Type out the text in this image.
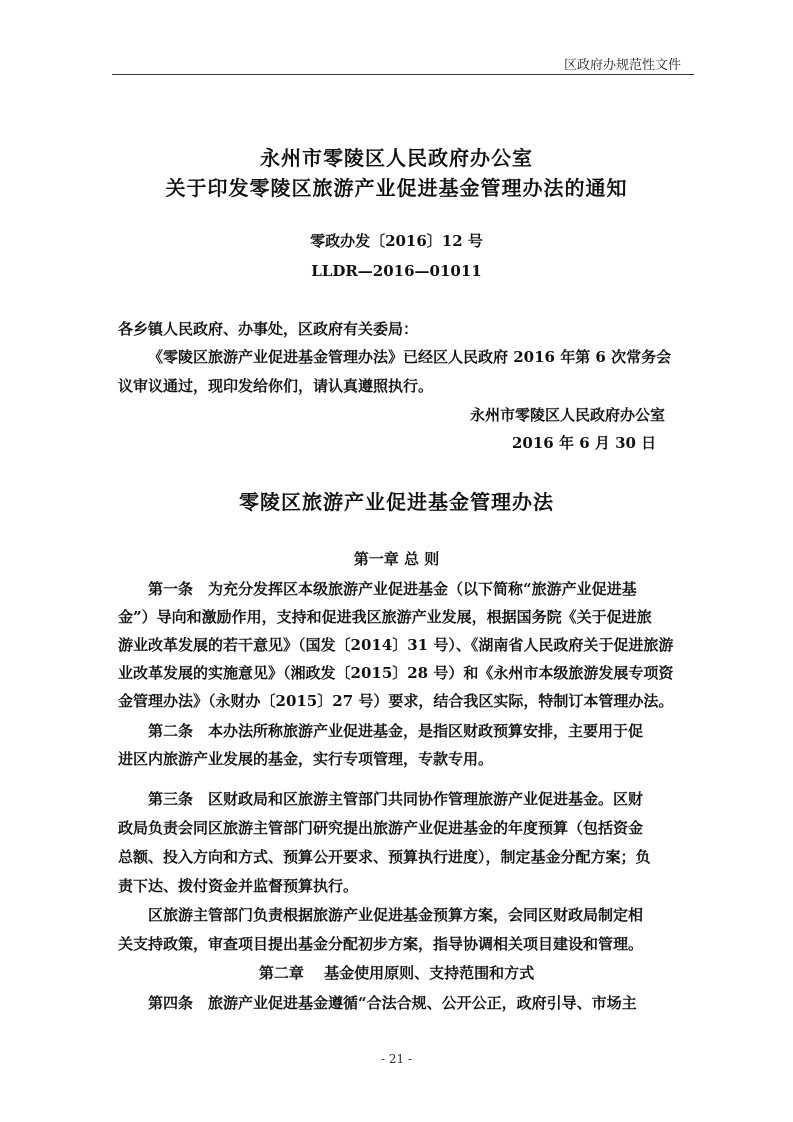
区政府办规范性文件
永州市零陵区人民政府办公室
关于印发零陵区旅游产业促进基金管理办法的通知
零政办发〔2016〕12 号
LLDR—2016—01011
各乡镇人民政府、办事处，区政府有关委局：
《零陵区旅游产业促进基金管理办法》已经区人民政府 2016 年第 6 次常务会
议审议通过，现印发给你们，请认真遵照执行。
永州市零陵区人民政府办公室
2016 年 6 月 30 日
零陵区旅游产业促进基金管理办法
第一章 总 则
第一条　为充分发挥区本级旅游产业促进基金（以下简称“旅游产业促进基
金”）导向和激励作用，支持和促进我区旅游产业发展，根据国务院《关于促进旅
游业改革发展的若干意见》（国发〔2014〕31 号）、《湖南省人民政府关于促进旅游
业改革发展的实施意见》（湘政发〔2015〕28 号）和《永州市本级旅游发展专项资
金管理办法》（永财办〔2015〕27 号）要求，结合我区实际，特制订本管理办法。
第二条　本办法所称旅游产业促进基金，是指区财政预算安排，主要用于促
进区内旅游产业发展的基金，实行专项管理，专款专用。
第三条　区财政局和区旅游主管部门共同协作管理旅游产业促进基金。区财
政局负责会同区旅游主管部门研究提出旅游产业促进基金的年度预算（包括资金
总额、投入方向和方式、预算公开要求、预算执行进度），制定基金分配方案；负
责下达、拨付资金并监督预算执行。
区旅游主管部门负责根据旅游产业促进基金预算方案，会同区财政局制定相
关支持政策，审查项目提出基金分配初步方案，指导协调相关项目建设和管理。
第二章　 基金使用原则、支持范围和方式
第四条　旅游产业促进基金遵循“合法合规、公开公正，政府引导、市场主
- 21 -
